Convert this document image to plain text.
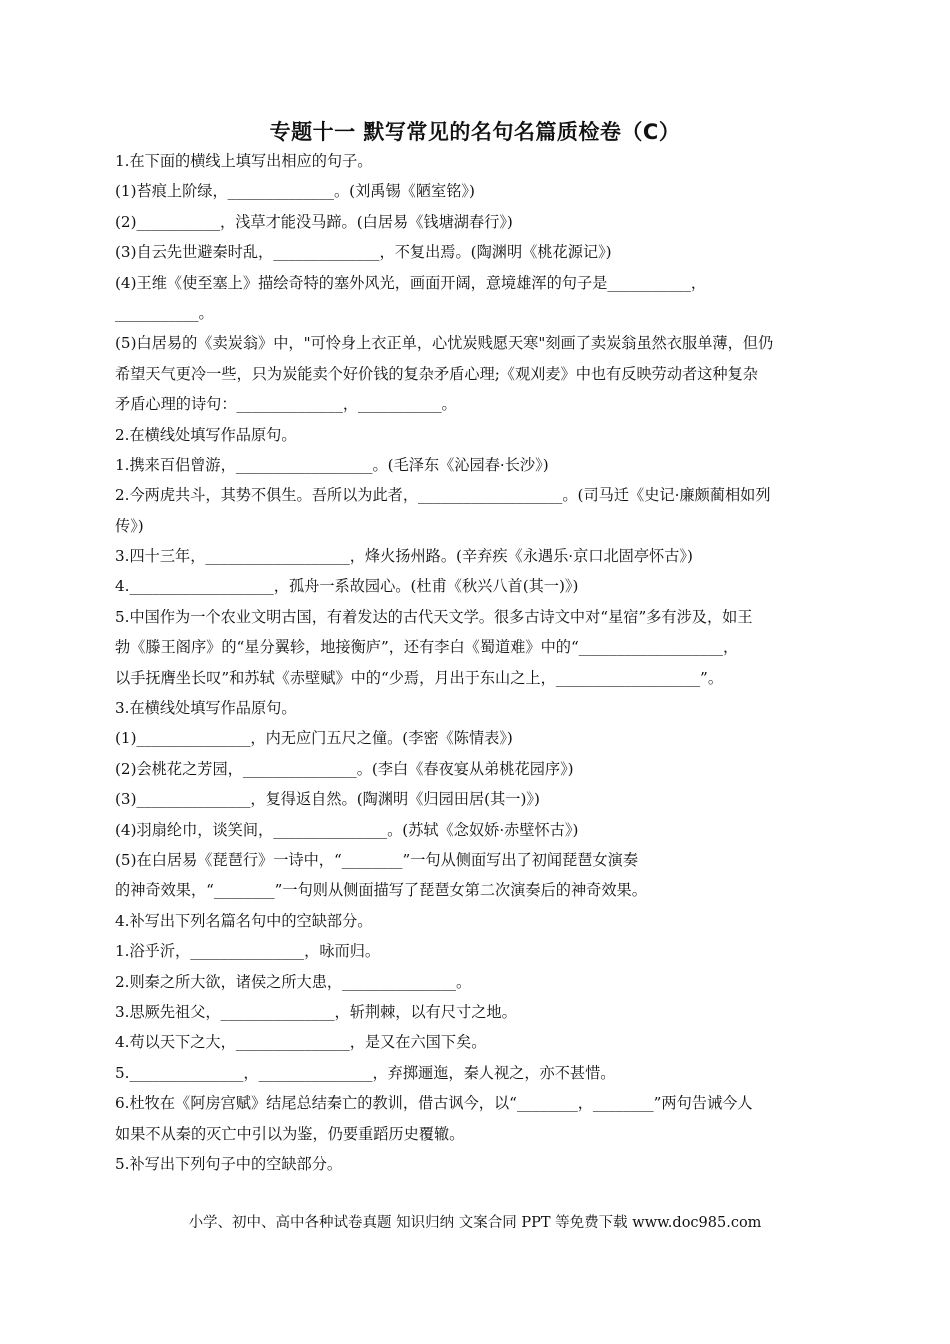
专题十一 默写常见的名句名篇质检卷（C）
1.在下面的横线上填写出相应的句子。
(1)苔痕上阶绿，______________。(刘禹锡《陋室铭》)
(2)___________，浅草才能没马蹄。(白居易《钱塘湖春行》)
(3)自云先世避秦时乱，______________，不复出焉。(陶渊明《桃花源记》)
(4)王维《使至塞上》描绘奇特的塞外风光，画面开阔，意境雄浑的句子是___________，
___________。
(5)白居易的《卖炭翁》中，"可怜身上衣正单，心忧炭贱愿天寒"刻画了卖炭翁虽然衣服单薄，但仍
希望天气更冷一些，只为炭能卖个好价钱的复杂矛盾心理;《观刈麦》中也有反映劳动者这种复杂
矛盾心理的诗句：______________，___________。
2.在横线处填写作品原句。
1.携来百侣曾游，__________________。(毛泽东《沁园春·长沙》)
2.今两虎共斗，其势不俱生。吾所以为此者，___________________。(司马迁《史记·廉颇蔺相如列
传》)
3.四十三年，___________________，烽火扬州路。(辛弃疾《永遇乐·京口北固亭怀古》)
4.___________________，孤舟一系故园心。(杜甫《秋兴八首(其一)》)
5.中国作为一个农业文明古国，有着发达的古代天文学。很多古诗文中对“星宿”多有涉及，如王
勃《滕王阁序》的“星分翼轸，地接衡庐”，还有李白《蜀道难》中的“___________________，
以手抚膺坐长叹”和苏轼《赤壁赋》中的“少焉，月出于东山之上，___________________”。
3.在横线处填写作品原句。
(1)_______________，内无应门五尺之僮。(李密《陈情表》)
(2)会桃花之芳园，_______________。(李白《春夜宴从弟桃花园序》)
(3)_______________，复得返自然。(陶渊明《归园田居(其一)》)
(4)羽扇纶巾，谈笑间，_______________。(苏轼《念奴娇·赤壁怀古》)
(5)在白居易《琵琶行》一诗中，“________”一句从侧面写出了初闻琵琶女演奏
的神奇效果，“________”一句则从侧面描写了琵琶女第二次演奏后的神奇效果。
4.补写出下列名篇名句中的空缺部分。
1.浴乎沂，_______________，咏而归。
2.则秦之所大欲，诸侯之所大患，_______________。
3.思厥先祖父，_______________，斩荆棘，以有尺寸之地。
4.苟以天下之大，_______________，是又在六国下矣。
5._______________，_______________，弃掷逦迤，秦人视之，亦不甚惜。
6.杜牧在《阿房宫赋》结尾总结秦亡的教训，借古讽今，以“________，________”两句告诫今人
如果不从秦的灭亡中引以为鉴，仍要重蹈历史覆辙。
5.补写出下列句子中的空缺部分。
小学、初中、高中各种试卷真题 知识归纳 文案合同 PPT 等免费下载 www.doc985.com
